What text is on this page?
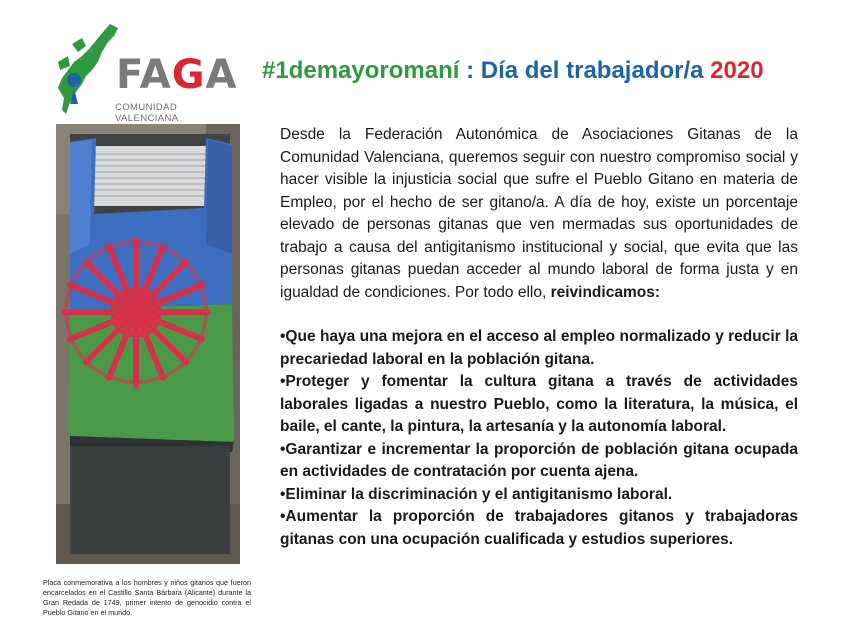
FAGA
COMUNIDAD VALENCIANA
#1demayoromaní : Día del trabajador/a 2020
Placa conmemorativa a los hombres y niños gitanos que fueron encarcelados en el Castillo Santa Bárbara (Alicante) durante la Gran Redada de 1749, primer intento de genocidio contra el Pueblo Gitano en el mundo.

Desde la Federación Autonómica de Asociaciones Gitanas de la Comunidad Valenciana, queremos seguir con nuestro compromiso social y hacer visible la injusticia social que sufre el Pueblo Gitano en materia de Empleo, por el hecho de ser gitano/a. A día de hoy, existe un porcentaje elevado de personas gitanas que ven mermadas sus oportunidades de trabajo a causa del antigitanismo institucional y social, que evita que las personas gitanas puedan acceder al mundo laboral de forma justa y en igualdad de condiciones. Por todo ello, reivindicamos:

•Que haya una mejora en el acceso al empleo normalizado y reducir la precariedad laboral en la población gitana.

•Proteger y fomentar la cultura gitana a través de actividades laborales ligadas a nuestro Pueblo, como la literatura, la música, el baile, el cante, la pintura, la artesanía y la autonomía laboral.

•Garantizar e incrementar la proporción de población gitana ocupada en actividades de contratación por cuenta ajena.

•Eliminar la discriminación y el antigitanismo laboral.

•Aumentar la proporción de trabajadores gitanos y trabajadoras gitanas con una ocupación cualificada y estudios superiores.
